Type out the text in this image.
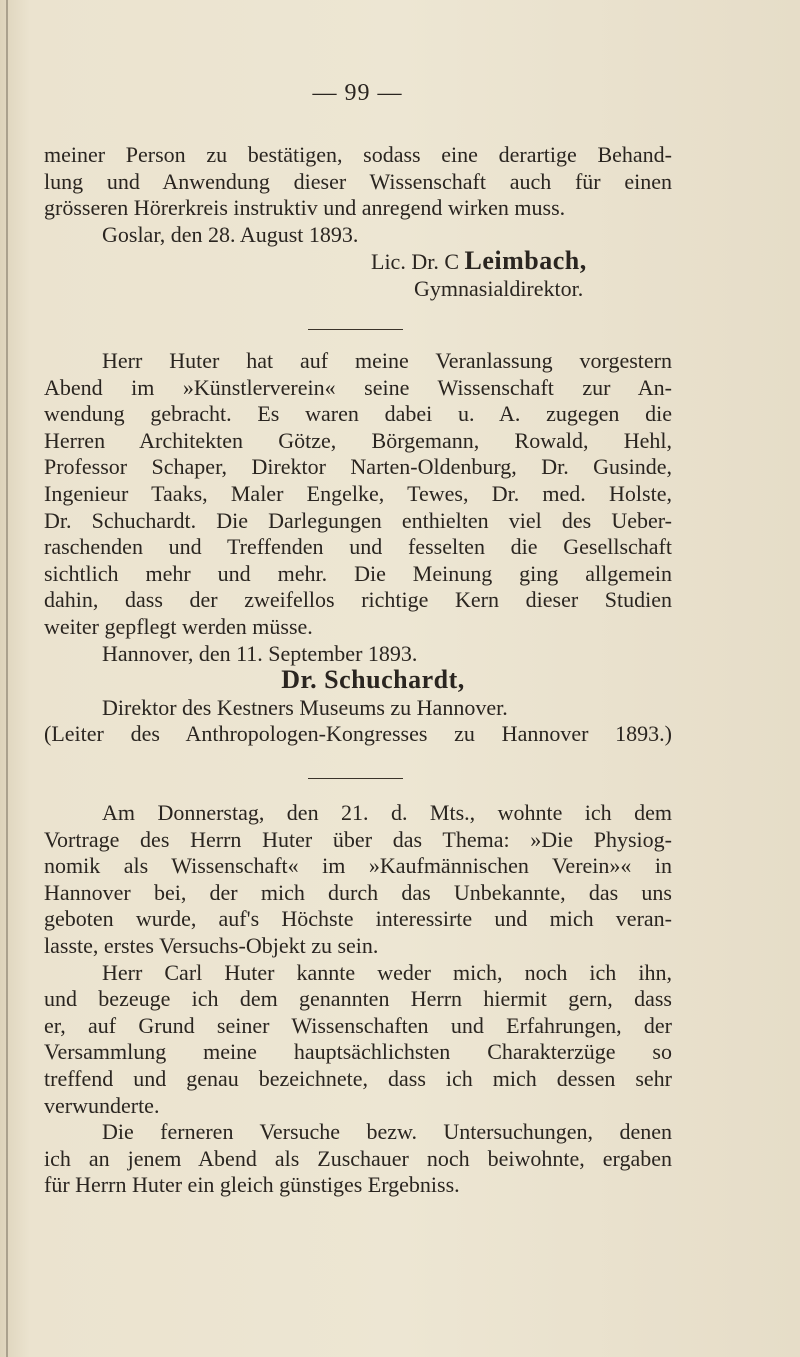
— 99 —
meiner Person zu bestätigen, sodass eine derartige Behand-
lung und Anwendung dieser Wissenschaft auch für einen
grösseren Hörerkreis instruktiv und anregend wirken muss.
Goslar, den 28. August 1893.
Lic. Dr. C Leimbach,
Gymnasialdirektor.
Herr Huter hat auf meine Veranlassung vorgestern
Abend im »Künstlerverein« seine Wissenschaft zur An-
wendung gebracht. Es waren dabei u. A. zugegen die
Herren Architekten Götze, Börgemann, Rowald, Hehl,
Professor Schaper, Direktor Narten-Oldenburg, Dr. Gusinde,
Ingenieur Taaks, Maler Engelke, Tewes, Dr. med. Holste,
Dr. Schuchardt. Die Darlegungen enthielten viel des Ueber-
raschenden und Treffenden und fesselten die Gesellschaft
sichtlich mehr und mehr. Die Meinung ging allgemein
dahin, dass der zweifellos richtige Kern dieser Studien
weiter gepflegt werden müsse.
Hannover, den 11. September 1893.
Dr. Schuchardt,
Direktor des Kestners Museums zu Hannover.
(Leiter des Anthropologen-Kongresses zu Hannover 1893.)
Am Donnerstag, den 21. d. Mts., wohnte ich dem
Vortrage des Herrn Huter über das Thema: »Die Physiog-
nomik als Wissenschaft« im »Kaufmännischen Verein»« in
Hannover bei, der mich durch das Unbekannte, das uns
geboten wurde, auf's Höchste interessirte und mich veran-
lasste, erstes Versuchs-Objekt zu sein.
Herr Carl Huter kannte weder mich, noch ich ihn,
und bezeuge ich dem genannten Herrn hiermit gern, dass
er, auf Grund seiner Wissenschaften und Erfahrungen, der
Versammlung meine hauptsächlichsten Charakterzüge so
treffend und genau bezeichnete, dass ich mich dessen sehr
verwunderte.
Die ferneren Versuche bezw. Untersuchungen, denen
ich an jenem Abend als Zuschauer noch beiwohnte, ergaben
für Herrn Huter ein gleich günstiges Ergebniss.
